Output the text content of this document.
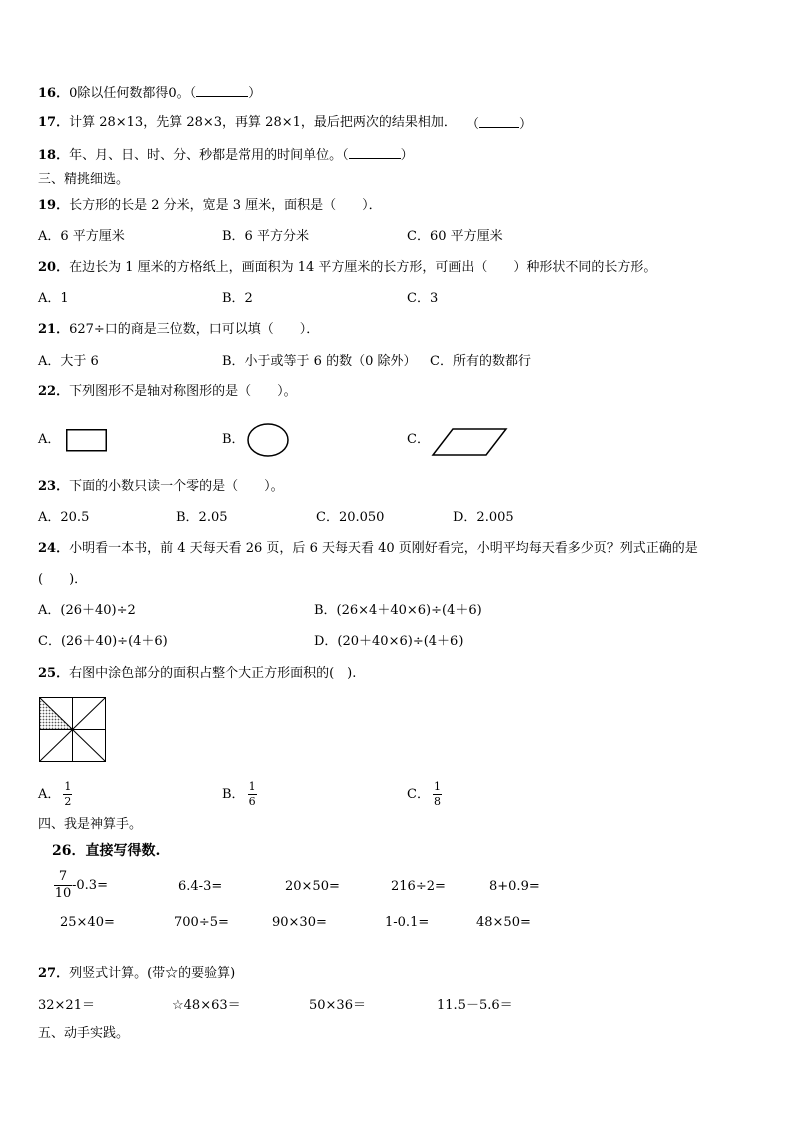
16．0除以任何数都得0。（	）
17．计算 28×13，先算 28×3，再算 28×1，最后把两次的结果相加． （	）
18．年、月、日、时、分、秒都是常用的时间单位。（	）
三、精挑细选。
19．长方形的长是 2 分米，宽是 3 厘米，面积是（　　）．
A．6 平方厘米	B．6 平方分米	C．60 平方厘米
20．在边长为 1 厘米的方格纸上，画面积为 14 平方厘米的长方形，可画出（　　）种形状不同的长方形。
A．1	B．2	C．3
21．627÷口的商是三位数，口可以填（　　）．
A．大于 6	B．小于或等于 6 的数（0 除外） C．所有的数都行
22．下列图形不是轴对称图形的是（　　）。
A．	B．	C．
23．下面的小数只读一个零的是（　　）。
A．20.5	B．2.05	C．20.050	D．2.005
24．小明看一本书，前 4 天每天看 26 页，后 6 天每天看 40 页刚好看完，小明平均每天看多少页？列式正确的是
(　　)．
A．(26＋40)÷2	B．(26×4＋40×6)÷(4＋6)
C．(26＋40)÷(4＋6)	D．(20＋40×6)÷(4＋6)
25．右图中涂色部分的面积占整个大正方形面积的(　).
A． $\frac{1}{2}$	B． $\frac{1}{6}$	C． $\frac{1}{8}$
四、我是神算手。
26．直接写得数.
$\frac{7}{10} -0.3=$	6.4-3=	20×50=	216÷2=	8+0.9=
25×40=	700÷5=	90×30=	1-0.1=	48×50=
27．列竖式计算。(带☆的要验算)
32×21＝	☆48×63＝	50×36＝	11.5－5.6＝
五、动手实践。
